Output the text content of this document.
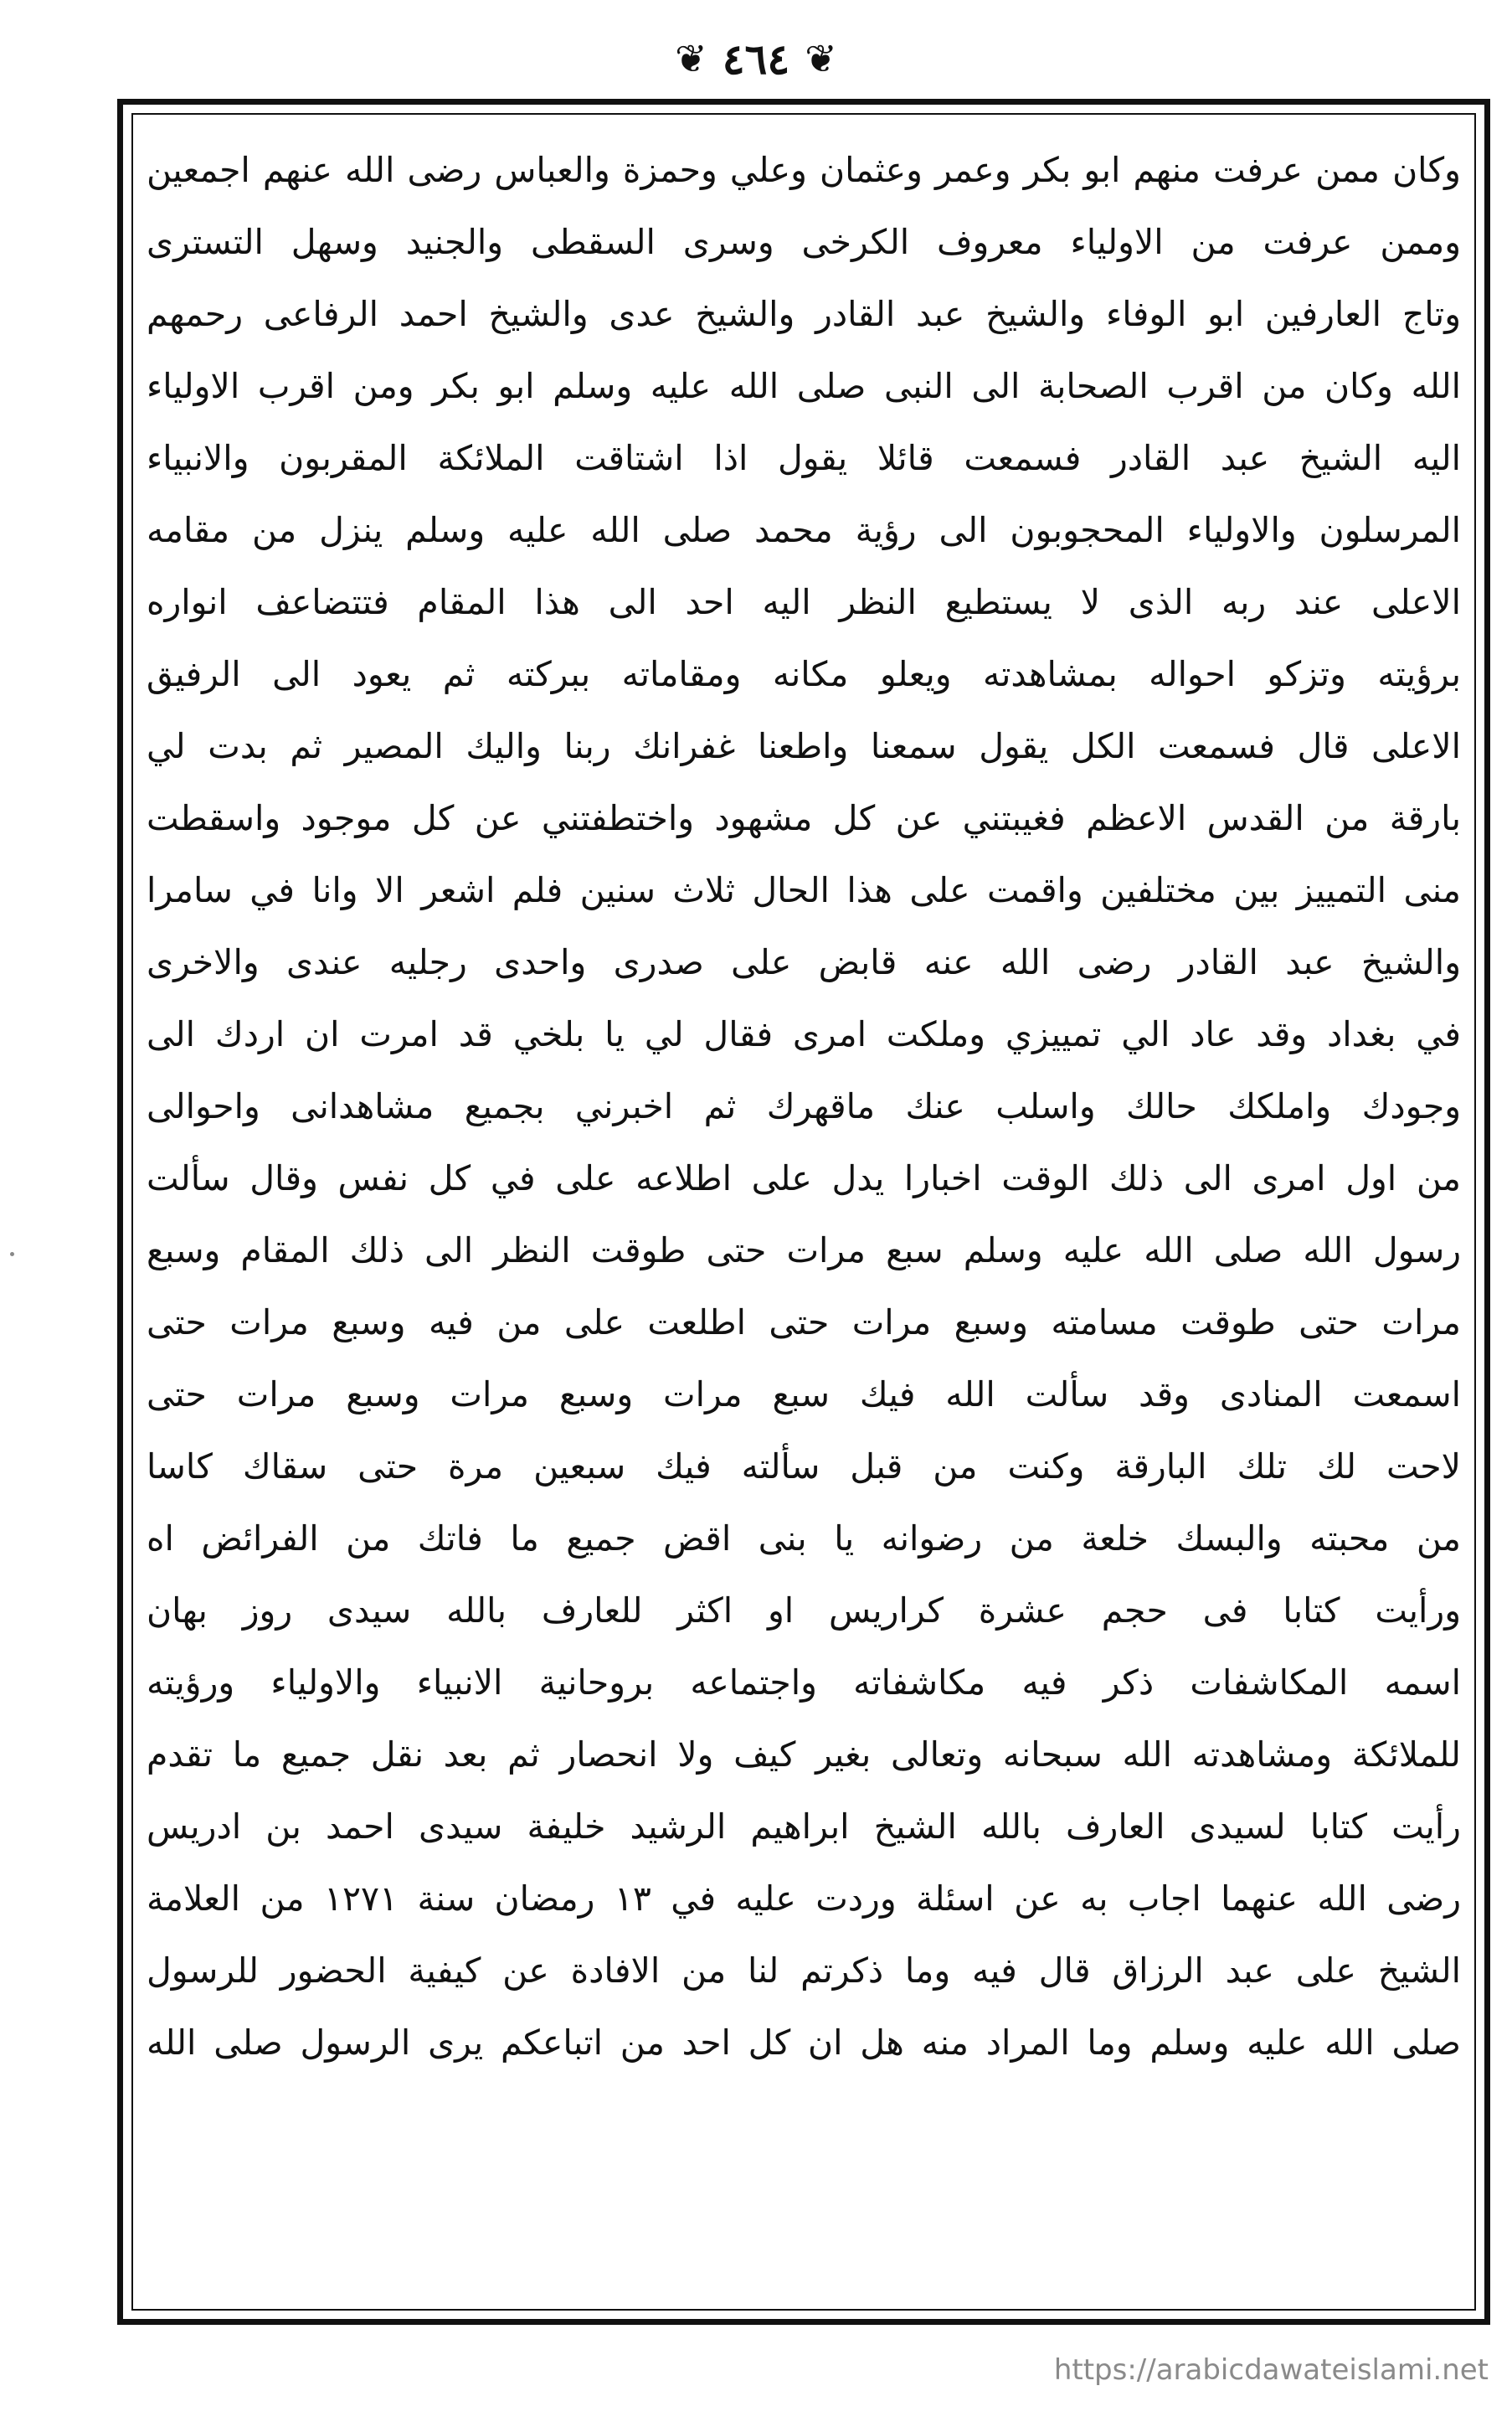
❦ ٤٦٤ ❦
وكان ممن عرفت منهم ابو بكر وعمر وعثمان وعلي وحمزة والعباس رضى الله عنهم اجمعين
وممن عرفت من الاولياء معروف الكرخى وسرى السقطى والجنيد وسهل التسترى
وتاج العارفين ابو الوفاء والشيخ عبد القادر والشيخ عدى والشيخ احمد الرفاعى رحمهم
الله وكان من اقرب الصحابة الى النبى صلى الله عليه وسلم ابو بكر ومن اقرب الاولياء
اليه الشيخ عبد القادر فسمعت قائلا يقول اذا اشتاقت الملائكة المقربون والانبياء
المرسلون والاولياء المحجوبون الى رؤية محمد صلى الله عليه وسلم ينزل من مقامه
الاعلى عند ربه الذى لا يستطيع النظر اليه احد الى هذا المقام فتتضاعف انواره
برؤيته وتزكو احواله بمشاهدته ويعلو مكانه ومقاماته ببركته ثم يعود الى الرفيق
الاعلى قال فسمعت الكل يقول سمعنا واطعنا غفرانك ربنا واليك المصير ثم بدت لي
بارقة من القدس الاعظم فغيبتني عن كل مشهود واختطفتني عن كل موجود واسقطت
منى التمييز بين مختلفين واقمت على هذا الحال ثلاث سنين فلم اشعر الا وانا في سامرا
والشيخ عبد القادر رضى الله عنه قابض على صدرى واحدى رجليه عندى والاخرى
في بغداد وقد عاد الي تمييزي وملكت امرى فقال لي يا بلخي قد امرت ان اردك الى
وجودك واملكك حالك واسلب عنك ماقهرك ثم اخبرني بجميع مشاهدانى واحوالى
من اول امرى الى ذلك الوقت اخبارا يدل على اطلاعه على في كل نفس وقال سألت
رسول الله صلى الله عليه وسلم سبع مرات حتى طوقت النظر الى ذلك المقام وسبع
مرات حتى طوقت مسامته وسبع مرات حتى اطلعت على من فيه وسبع مرات حتى
اسمعت المنادى وقد سألت الله فيك سبع مرات وسبع مرات وسبع مرات حتى
لاحت لك تلك البارقة وكنت من قبل سألته فيك سبعين مرة حتى سقاك كاسا
من محبته والبسك خلعة من رضوانه يا بنى اقض جميع ما فاتك من الفرائض اه
ورأيت كتابا فى حجم عشرة كراريس او اكثر للعارف بالله سيدى روز بهان
اسمه المكاشفات ذكر فيه مكاشفاته واجتماعه بروحانية الانبياء والاولياء ورؤيته
للملائكة ومشاهدته الله سبحانه وتعالى بغير كيف ولا انحصار ثم بعد نقل جميع ما تقدم
رأيت كتابا لسيدى العارف بالله الشيخ ابراهيم الرشيد خليفة سيدى احمد بن ادريس
رضى الله عنهما اجاب به عن اسئلة وردت عليه في ١٣ رمضان سنة ١٢٧١ من العلامة
الشيخ على عبد الرزاق قال فيه وما ذكرتم لنا من الافادة عن كيفية الحضور للرسول
صلى الله عليه وسلم وما المراد منه هل ان كل احد من اتباعكم يرى الرسول صلى الله
https://arabicdawateislami.net
